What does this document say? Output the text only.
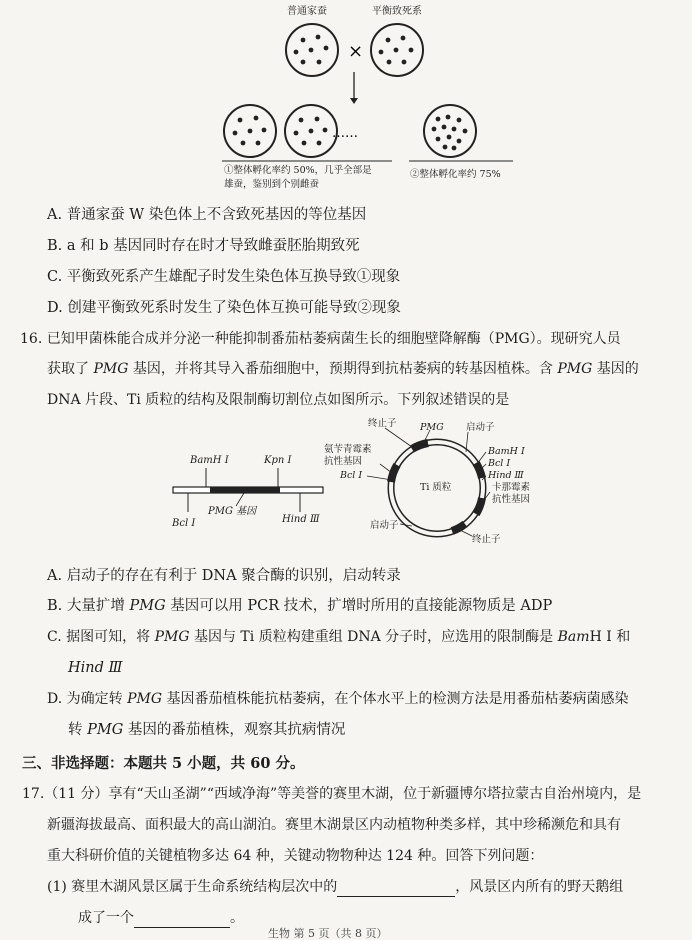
普通家蚕	平衡致死系
×
……
①整体孵化率约 50%，几乎全部是
雄蚕，鉴别到个别雌蚕
②整体孵化率约 75%
A. 普通家蚕 W 染色体上不含致死基因的等位基因
B. a 和 b 基因同时存在时才导致雌蚕胚胎期致死
C. 平衡致死系产生雄配子时发生染色体互换导致①现象
D. 创建平衡致死系时发生了染色体互换可能导致②现象
16. 已知甲菌株能合成并分泌一种能抑制番茄枯萎病菌生长的细胞壁降解酶（PMG）。现研究人员
获取了 PMG 基因，并将其导入番茄细胞中，预期得到抗枯萎病的转基因植株。含 PMG 基因的
DNA 片段、Ti 质粒的结构及限制酶切割位点如图所示。下列叙述错误的是
BamH Ⅰ	Kpn Ⅰ
Bcl Ⅰ
PMG 基因
Hind Ⅲ
终止子 PMG 启动子
氨苄青霉素
抗性基因
Bcl Ⅰ
Ti 质粒
BamH Ⅰ
Bcl Ⅰ
Hind Ⅲ
卡那霉素
抗性基因
启动子
终止子
A. 启动子的存在有利于 DNA 聚合酶的识别，启动转录
B. 大量扩增 PMG 基因可以用 PCR 技术，扩增时所用的直接能源物质是 ADP
C. 据图可知，将 PMG 基因与 Ti 质粒构建重组 DNA 分子时，应选用的限制酶是 BamH Ⅰ 和
Hind Ⅲ
D. 为确定转 PMG 基因番茄植株能抗枯萎病，在个体水平上的检测方法是用番茄枯萎病菌感染
转 PMG 基因的番茄植株，观察其抗病情况
三、非选择题：本题共 5 小题，共 60 分。
17.（11 分）享有“天山圣湖”“西域净海”等美誉的赛里木湖，位于新疆博尔塔拉蒙古自治州境内，是
新疆海拔最高、面积最大的高山湖泊。赛里木湖景区内动植物种类多样，其中珍稀濒危和具有
重大科研价值的关键植物多达 64 种，关键动物物种达 124 种。回答下列问题：
(1) 赛里木湖风景区属于生命系统结构层次中的	，风景区内所有的野天鹅组
成了一个	。
生物 第 5 页（共 8 页）
